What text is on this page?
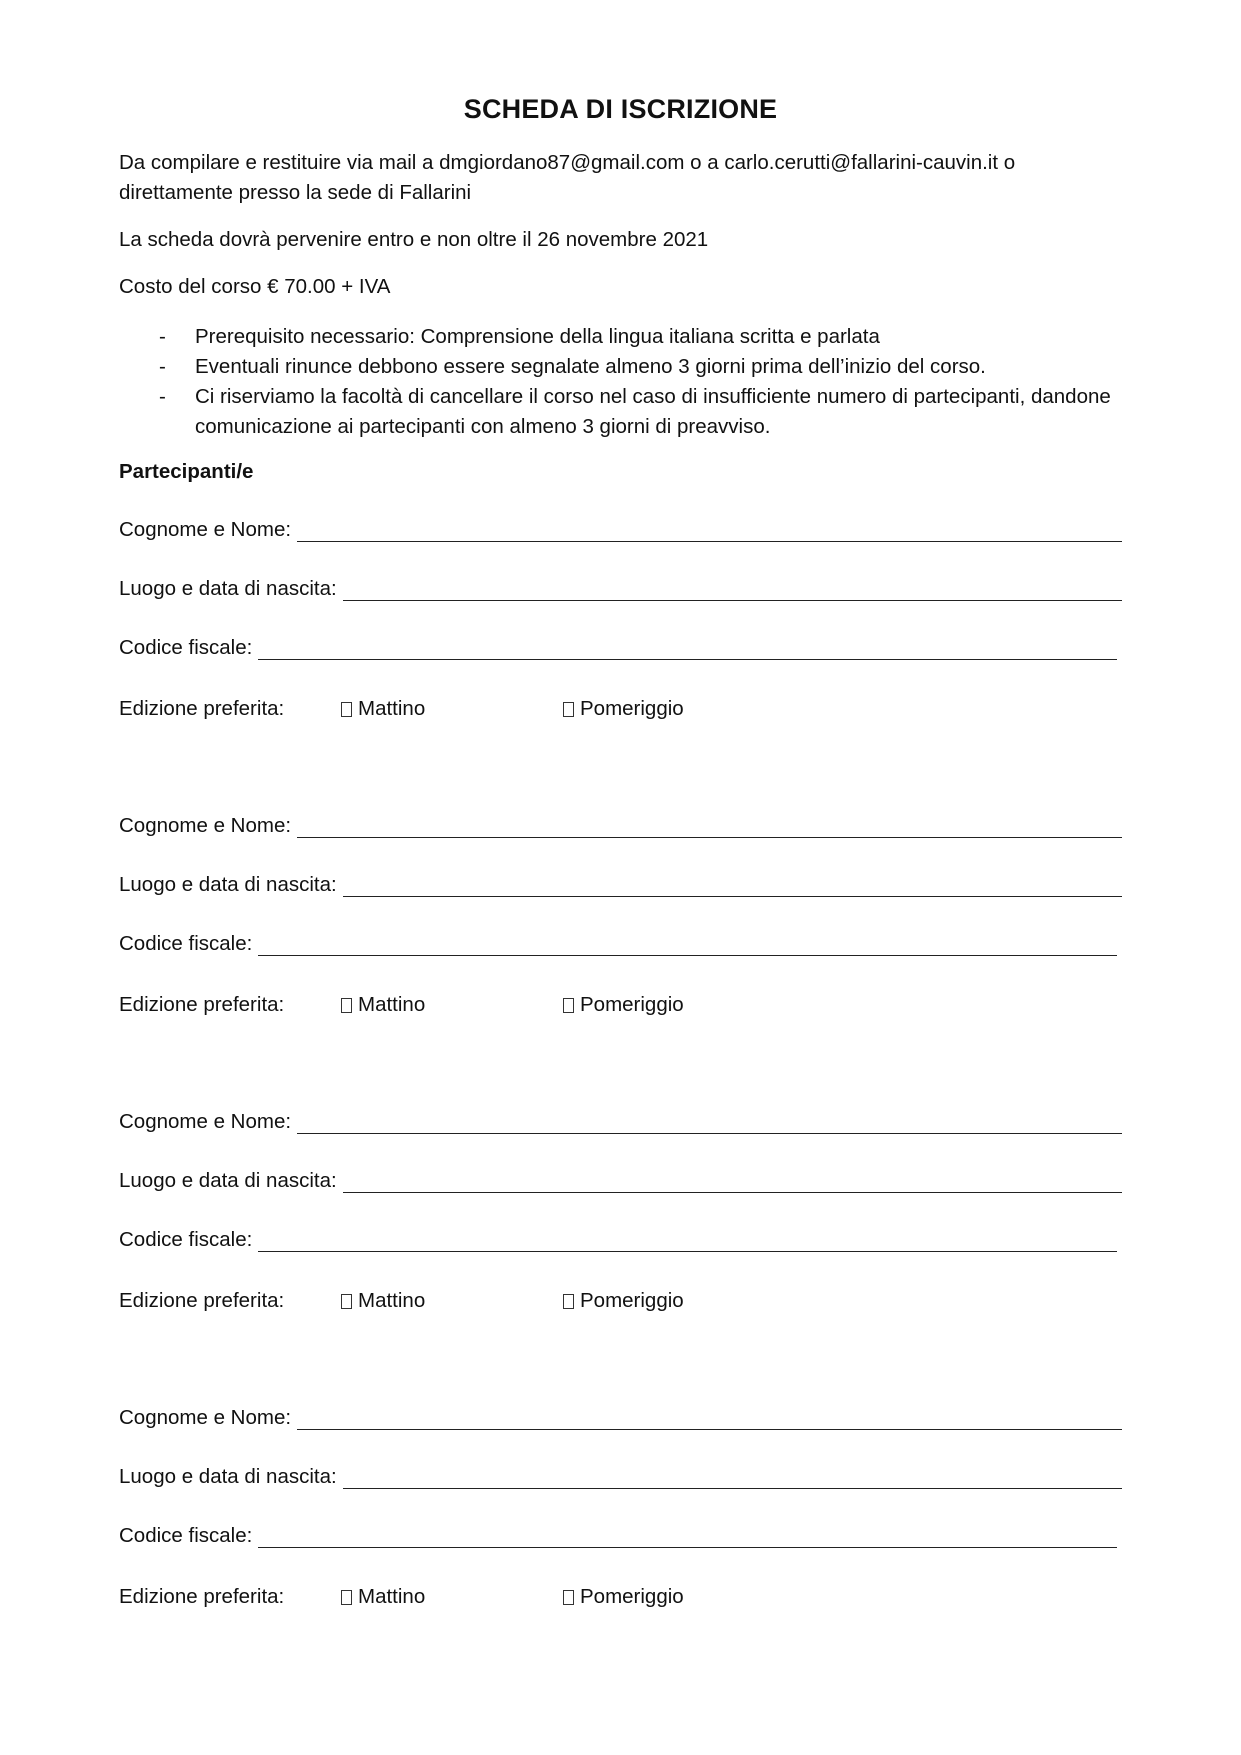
SCHEDA DI ISCRIZIONE
Da compilare e restituire via mail a dmgiordano87@gmail.com o a carlo.cerutti@fallarini-cauvin.it o
direttamente presso la sede di Fallarini
La scheda dovrà pervenire entro e non oltre il 26 novembre 2021
Costo del corso € 70.00 + IVA
- Prerequisito necessario: Comprensione della lingua italiana scritta e parlata
- Eventuali rinunce debbono essere segnalate almeno 3 giorni prima dell’inizio del corso.
- Ci riserviamo la facoltà di cancellare il corso nel caso di insufficiente numero di partecipanti, dandone comunicazione ai partecipanti con almeno 3 giorni di preavviso.
Partecipanti/e
Cognome e Nome:
Luogo e data di nascita:
Codice fiscale:
Edizione preferita:	Mattino	Pomeriggio
Cognome e Nome:
Luogo e data di nascita:
Codice fiscale:
Edizione preferita:	Mattino	Pomeriggio
Cognome e Nome:
Luogo e data di nascita:
Codice fiscale:
Edizione preferita:	Mattino	Pomeriggio
Cognome e Nome:
Luogo e data di nascita:
Codice fiscale:
Edizione preferita:	Mattino	Pomeriggio
